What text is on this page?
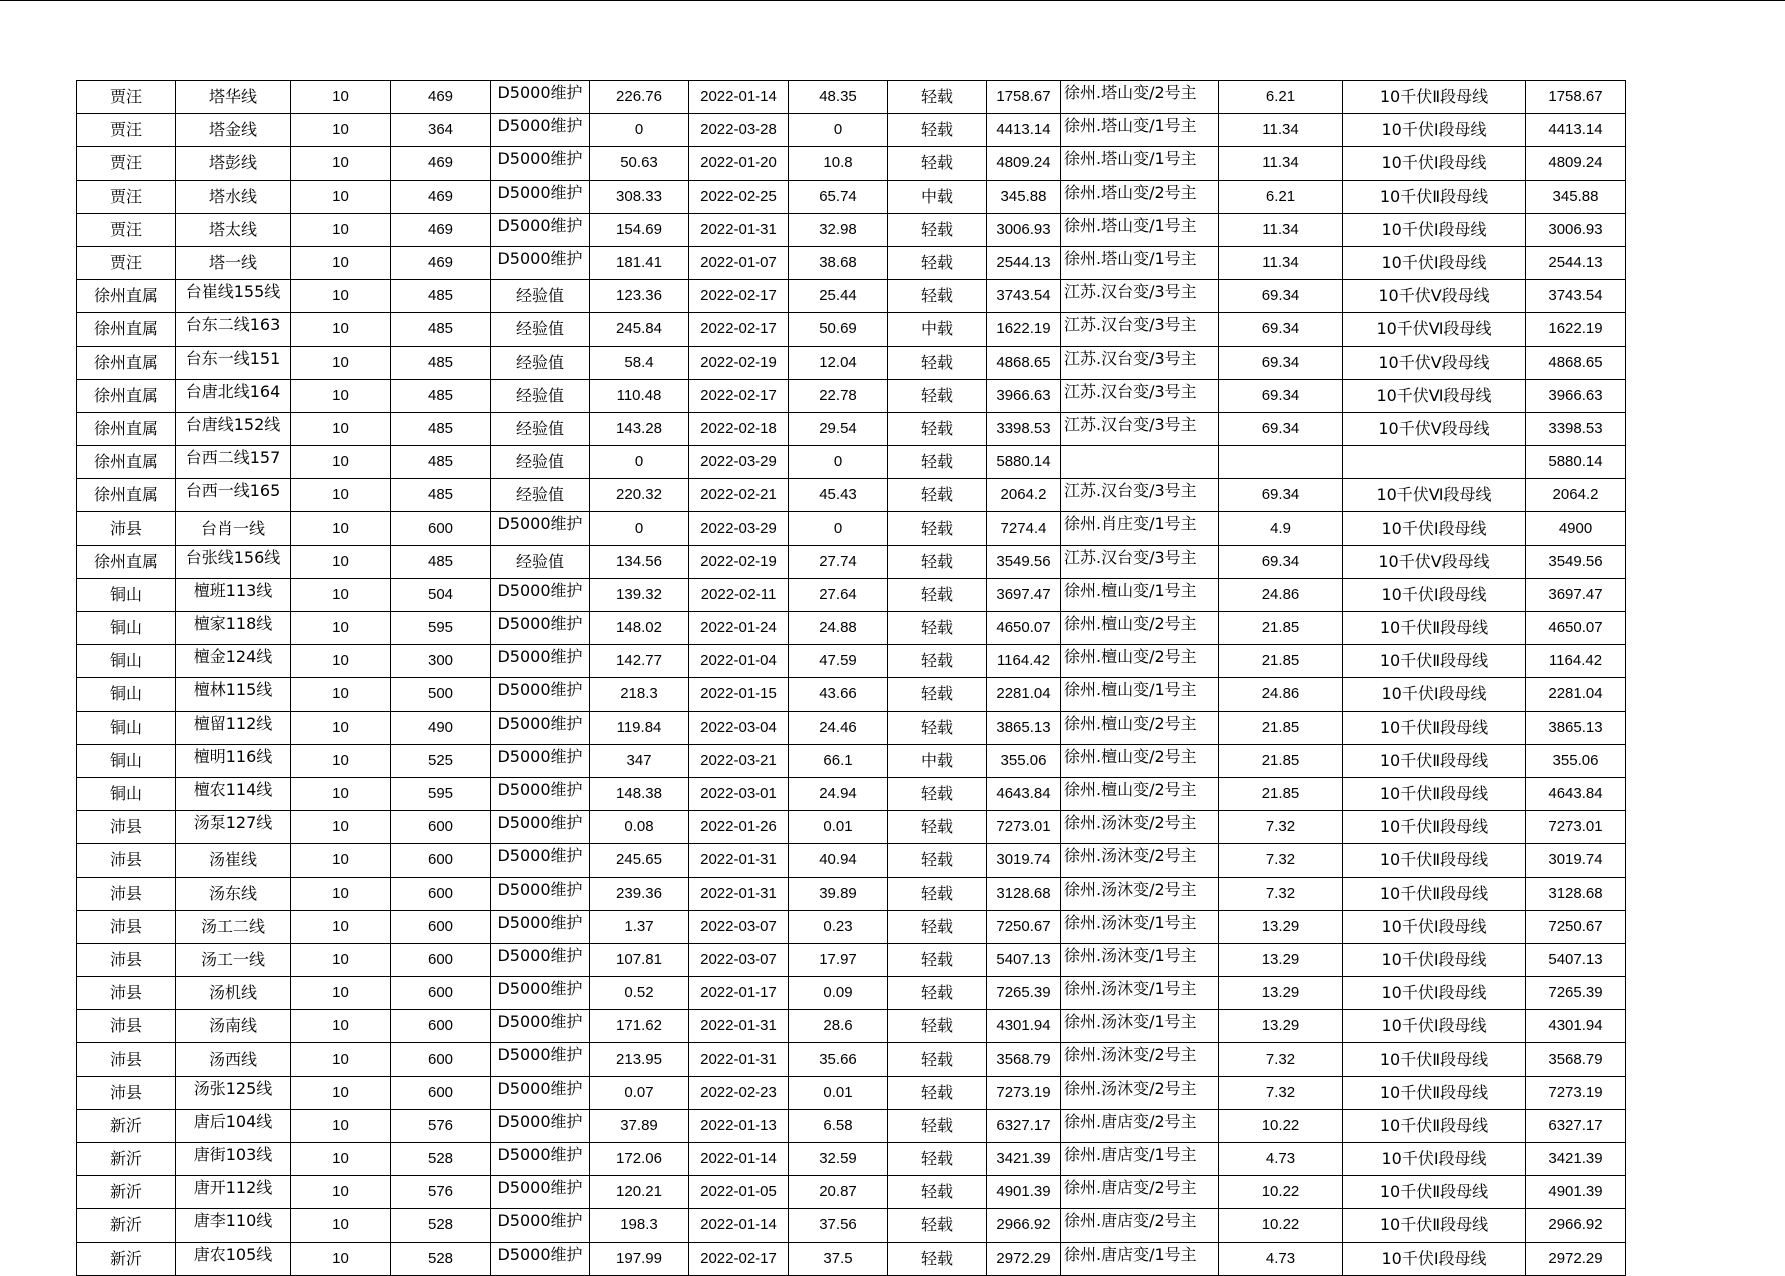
贾汪	塔华线	10	469	D5000维护	226.76	2022-01-14	48.35	轻载	1758.67	徐州.塔山变/2号主	6.21	10千伏Ⅱ段母线	1758.67
贾汪	塔金线	10	364	D5000维护	0	2022-03-28	0	轻载	4413.14	徐州.塔山变/1号主	11.34	10千伏Ⅰ段母线	4413.14
贾汪	塔彭线	10	469	D5000维护	50.63	2022-01-20	10.8	轻载	4809.24	徐州.塔山变/1号主	11.34	10千伏Ⅰ段母线	4809.24
贾汪	塔水线	10	469	D5000维护	308.33	2022-02-25	65.74	中载	345.88	徐州.塔山变/2号主	6.21	10千伏Ⅱ段母线	345.88
贾汪	塔太线	10	469	D5000维护	154.69	2022-01-31	32.98	轻载	3006.93	徐州.塔山变/1号主	11.34	10千伏Ⅰ段母线	3006.93
贾汪	塔一线	10	469	D5000维护	181.41	2022-01-07	38.68	轻载	2544.13	徐州.塔山变/1号主	11.34	10千伏Ⅰ段母线	2544.13
徐州直属	台崔线155线	10	485	经验值	123.36	2022-02-17	25.44	轻载	3743.54	江苏.汉台变/3号主	69.34	10千伏Ⅴ段母线	3743.54
徐州直属	台东二线163	10	485	经验值	245.84	2022-02-17	50.69	中载	1622.19	江苏.汉台变/3号主	69.34	10千伏Ⅵ段母线	1622.19
徐州直属	台东一线151	10	485	经验值	58.4	2022-02-19	12.04	轻载	4868.65	江苏.汉台变/3号主	69.34	10千伏Ⅴ段母线	4868.65
徐州直属	台唐北线164	10	485	经验值	110.48	2022-02-17	22.78	轻载	3966.63	江苏.汉台变/3号主	69.34	10千伏Ⅵ段母线	3966.63
徐州直属	台唐线152线	10	485	经验值	143.28	2022-02-18	29.54	轻载	3398.53	江苏.汉台变/3号主	69.34	10千伏Ⅴ段母线	3398.53
徐州直属	台西二线157	10	485	经验值	0	2022-03-29	0	轻载	5880.14				5880.14
徐州直属	台西一线165	10	485	经验值	220.32	2022-02-21	45.43	轻载	2064.2	江苏.汉台变/3号主	69.34	10千伏Ⅵ段母线	2064.2
沛县	台肖一线	10	600	D5000维护	0	2022-03-29	0	轻载	7274.4	徐州.肖庄变/1号主	4.9	10千伏Ⅰ段母线	4900
徐州直属	台张线156线	10	485	经验值	134.56	2022-02-19	27.74	轻载	3549.56	江苏.汉台变/3号主	69.34	10千伏Ⅴ段母线	3549.56
铜山	檀班113线	10	504	D5000维护	139.32	2022-02-11	27.64	轻载	3697.47	徐州.檀山变/1号主	24.86	10千伏Ⅰ段母线	3697.47
铜山	檀家118线	10	595	D5000维护	148.02	2022-01-24	24.88	轻载	4650.07	徐州.檀山变/2号主	21.85	10千伏Ⅱ段母线	4650.07
铜山	檀金124线	10	300	D5000维护	142.77	2022-01-04	47.59	轻载	1164.42	徐州.檀山变/2号主	21.85	10千伏Ⅱ段母线	1164.42
铜山	檀林115线	10	500	D5000维护	218.3	2022-01-15	43.66	轻载	2281.04	徐州.檀山变/1号主	24.86	10千伏Ⅰ段母线	2281.04
铜山	檀留112线	10	490	D5000维护	119.84	2022-03-04	24.46	轻载	3865.13	徐州.檀山变/2号主	21.85	10千伏Ⅱ段母线	3865.13
铜山	檀明116线	10	525	D5000维护	347	2022-03-21	66.1	中载	355.06	徐州.檀山变/2号主	21.85	10千伏Ⅱ段母线	355.06
铜山	檀农114线	10	595	D5000维护	148.38	2022-03-01	24.94	轻载	4643.84	徐州.檀山变/2号主	21.85	10千伏Ⅱ段母线	4643.84
沛县	汤泵127线	10	600	D5000维护	0.08	2022-01-26	0.01	轻载	7273.01	徐州.汤沐变/2号主	7.32	10千伏Ⅱ段母线	7273.01
沛县	汤崔线	10	600	D5000维护	245.65	2022-01-31	40.94	轻载	3019.74	徐州.汤沐变/2号主	7.32	10千伏Ⅱ段母线	3019.74
沛县	汤东线	10	600	D5000维护	239.36	2022-01-31	39.89	轻载	3128.68	徐州.汤沐变/2号主	7.32	10千伏Ⅱ段母线	3128.68
沛县	汤工二线	10	600	D5000维护	1.37	2022-03-07	0.23	轻载	7250.67	徐州.汤沐变/1号主	13.29	10千伏Ⅰ段母线	7250.67
沛县	汤工一线	10	600	D5000维护	107.81	2022-03-07	17.97	轻载	5407.13	徐州.汤沐变/1号主	13.29	10千伏Ⅰ段母线	5407.13
沛县	汤机线	10	600	D5000维护	0.52	2022-01-17	0.09	轻载	7265.39	徐州.汤沐变/1号主	13.29	10千伏Ⅰ段母线	7265.39
沛县	汤南线	10	600	D5000维护	171.62	2022-01-31	28.6	轻载	4301.94	徐州.汤沐变/1号主	13.29	10千伏Ⅰ段母线	4301.94
沛县	汤西线	10	600	D5000维护	213.95	2022-01-31	35.66	轻载	3568.79	徐州.汤沐变/2号主	7.32	10千伏Ⅱ段母线	3568.79
沛县	汤张125线	10	600	D5000维护	0.07	2022-02-23	0.01	轻载	7273.19	徐州.汤沐变/2号主	7.32	10千伏Ⅱ段母线	7273.19
新沂	唐后104线	10	576	D5000维护	37.89	2022-01-13	6.58	轻载	6327.17	徐州.唐店变/2号主	10.22	10千伏Ⅱ段母线	6327.17
新沂	唐街103线	10	528	D5000维护	172.06	2022-01-14	32.59	轻载	3421.39	徐州.唐店变/1号主	4.73	10千伏Ⅰ段母线	3421.39
新沂	唐开112线	10	576	D5000维护	120.21	2022-01-05	20.87	轻载	4901.39	徐州.唐店变/2号主	10.22	10千伏Ⅱ段母线	4901.39
新沂	唐李110线	10	528	D5000维护	198.3	2022-01-14	37.56	轻载	2966.92	徐州.唐店变/2号主	10.22	10千伏Ⅱ段母线	2966.92
新沂	唐农105线	10	528	D5000维护	197.99	2022-02-17	37.5	轻载	2972.29	徐州.唐店变/1号主	4.73	10千伏Ⅰ段母线	2972.29
